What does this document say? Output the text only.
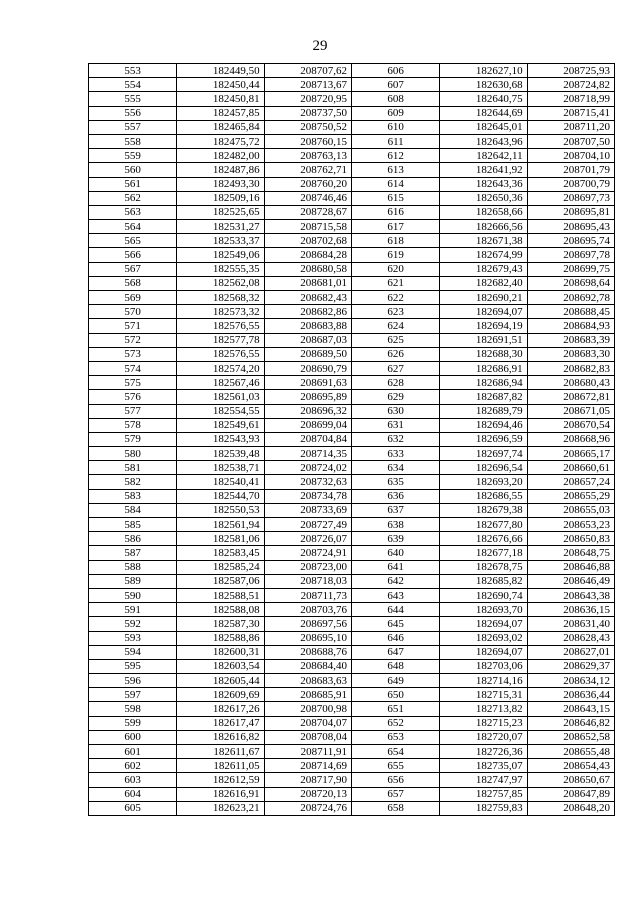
29
553	182449,50	208707,62	606	182627,10	208725,93
554	182450,44	208713,67	607	182630,68	208724,82
555	182450,81	208720,95	608	182640,75	208718,99
556	182457,85	208737,50	609	182644,69	208715,41
557	182465,84	208750,52	610	182645,01	208711,20
558	182475,72	208760,15	611	182643,96	208707,50
559	182482,00	208763,13	612	182642,11	208704,10
560	182487,86	208762,71	613	182641,92	208701,79
561	182493,30	208760,20	614	182643,36	208700,79
562	182509,16	208746,46	615	182650,36	208697,73
563	182525,65	208728,67	616	182658,66	208695,81
564	182531,27	208715,58	617	182666,56	208695,43
565	182533,37	208702,68	618	182671,38	208695,74
566	182549,06	208684,28	619	182674,99	208697,78
567	182555,35	208680,58	620	182679,43	208699,75
568	182562,08	208681,01	621	182682,40	208698,64
569	182568,32	208682,43	622	182690,21	208692,78
570	182573,32	208682,86	623	182694,07	208688,45
571	182576,55	208683,88	624	182694,19	208684,93
572	182577,78	208687,03	625	182691,51	208683,39
573	182576,55	208689,50	626	182688,30	208683,30
574	182574,20	208690,79	627	182686,91	208682,83
575	182567,46	208691,63	628	182686,94	208680,43
576	182561,03	208695,89	629	182687,82	208672,81
577	182554,55	208696,32	630	182689,79	208671,05
578	182549,61	208699,04	631	182694,46	208670,54
579	182543,93	208704,84	632	182696,59	208668,96
580	182539,48	208714,35	633	182697,74	208665,17
581	182538,71	208724,02	634	182696,54	208660,61
582	182540,41	208732,63	635	182693,20	208657,24
583	182544,70	208734,78	636	182686,55	208655,29
584	182550,53	208733,69	637	182679,38	208655,03
585	182561,94	208727,49	638	182677,80	208653,23
586	182581,06	208726,07	639	182676,66	208650,83
587	182583,45	208724,91	640	182677,18	208648,75
588	182585,24	208723,00	641	182678,75	208646,88
589	182587,06	208718,03	642	182685,82	208646,49
590	182588,51	208711,73	643	182690,74	208643,38
591	182588,08	208703,76	644	182693,70	208636,15
592	182587,30	208697,56	645	182694,07	208631,40
593	182588,86	208695,10	646	182693,02	208628,43
594	182600,31	208688,76	647	182694,07	208627,01
595	182603,54	208684,40	648	182703,06	208629,37
596	182605,44	208683,63	649	182714,16	208634,12
597	182609,69	208685,91	650	182715,31	208636,44
598	182617,26	208700,98	651	182713,82	208643,15
599	182617,47	208704,07	652	182715,23	208646,82
600	182616,82	208708,04	653	182720,07	208652,58
601	182611,67	208711,91	654	182726,36	208655,48
602	182611,05	208714,69	655	182735,07	208654,43
603	182612,59	208717,90	656	182747,97	208650,67
604	182616,91	208720,13	657	182757,85	208647,89
605	182623,21	208724,76	658	182759,83	208648,20
